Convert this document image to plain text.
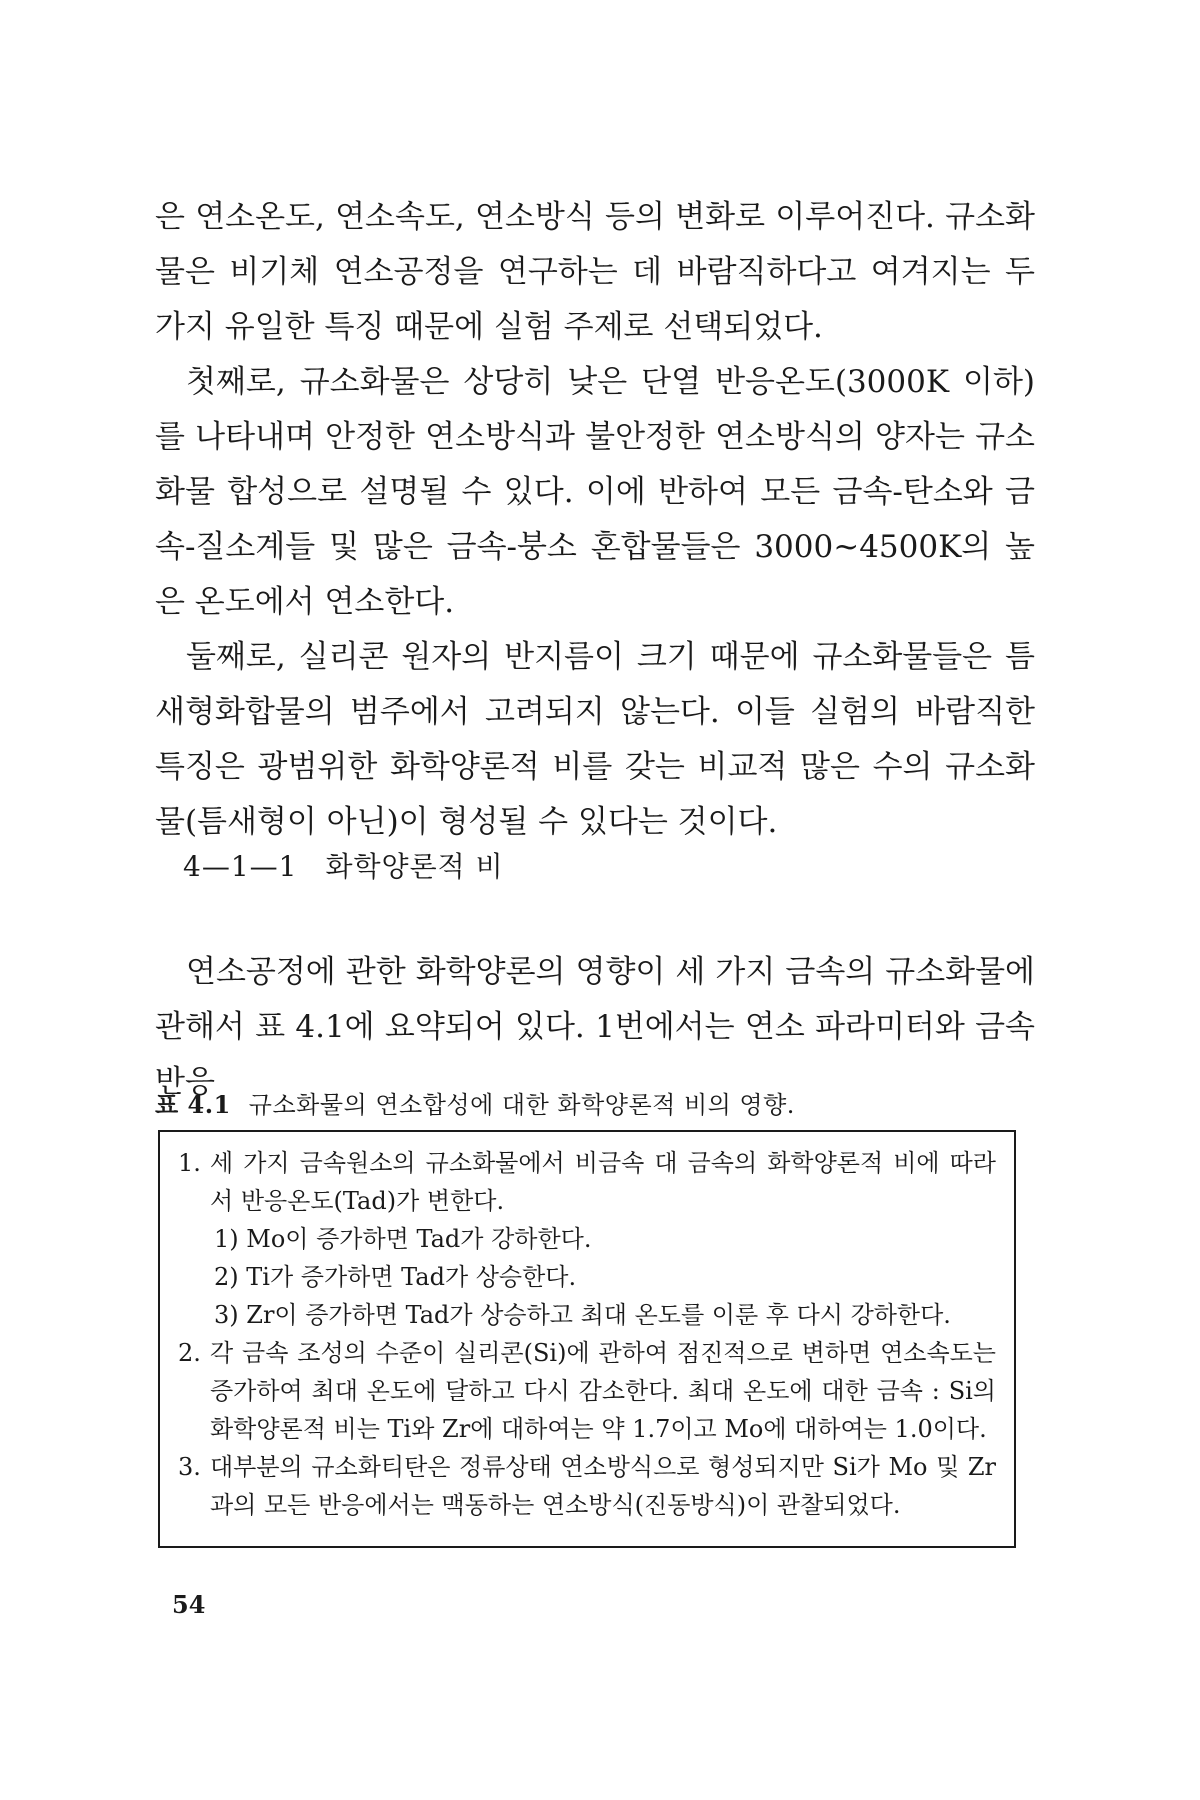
은 연소온도, 연소속도, 연소방식 등의 변화로 이루어진다. 규소화물은 비기체 연소공정을 연구하는 데 바람직하다고 여겨지는 두 가지 유일한 특징 때문에 실험 주제로 선택되었다.

첫째로, 규소화물은 상당히 낮은 단열 반응온도(3000K 이하)를 나타내며 안정한 연소방식과 불안정한 연소방식의 양자는 규소화물 합성으로 설명될 수 있다. 이에 반하여 모든 금속-탄소와 금속-질소계들 및 많은 금속-붕소 혼합물들은 3000~4500K의 높은 온도에서 연소한다.

둘째로, 실리콘 원자의 반지름이 크기 때문에 규소화물들은 틈새형화합물의 범주에서 고려되지 않는다. 이들 실험의 바람직한 특징은 광범위한 화학양론적 비를 갖는 비교적 많은 수의 규소화물(틈새형이 아닌)이 형성될 수 있다는 것이다.

4—1—1 화학양론적 비

연소공정에 관한 화학양론의 영향이 세 가지 금속의 규소화물에 관해서 표 4.1에 요약되어 있다. 1번에서는 연소 파라미터와 금속반응

표 4.1 규소화물의 연소합성에 대한 화학양론적 비의 영향.
1. 세 가지 금속원소의 규소화물에서 비금속 대 금속의 화학양론적 비에 따라서 반응온도(Tad)가 변한다.
1) Mo이 증가하면 Tad가 강하한다.
2) Ti가 증가하면 Tad가 상승한다.
3) Zr이 증가하면 Tad가 상승하고 최대 온도를 이룬 후 다시 강하한다.
2. 각 금속 조성의 수준이 실리콘(Si)에 관하여 점진적으로 변하면 연소속도는 증가하여 최대 온도에 달하고 다시 감소한다. 최대 온도에 대한 금속 : Si의 화학양론적 비는 Ti와 Zr에 대하여는 약 1.7이고 Mo에 대하여는 1.0이다.
3. 대부분의 규소화티탄은 정류상태 연소방식으로 형성되지만 Si가 Mo 및 Zr과의 모든 반응에서는 맥동하는 연소방식(진동방식)이 관찰되었다.
54
